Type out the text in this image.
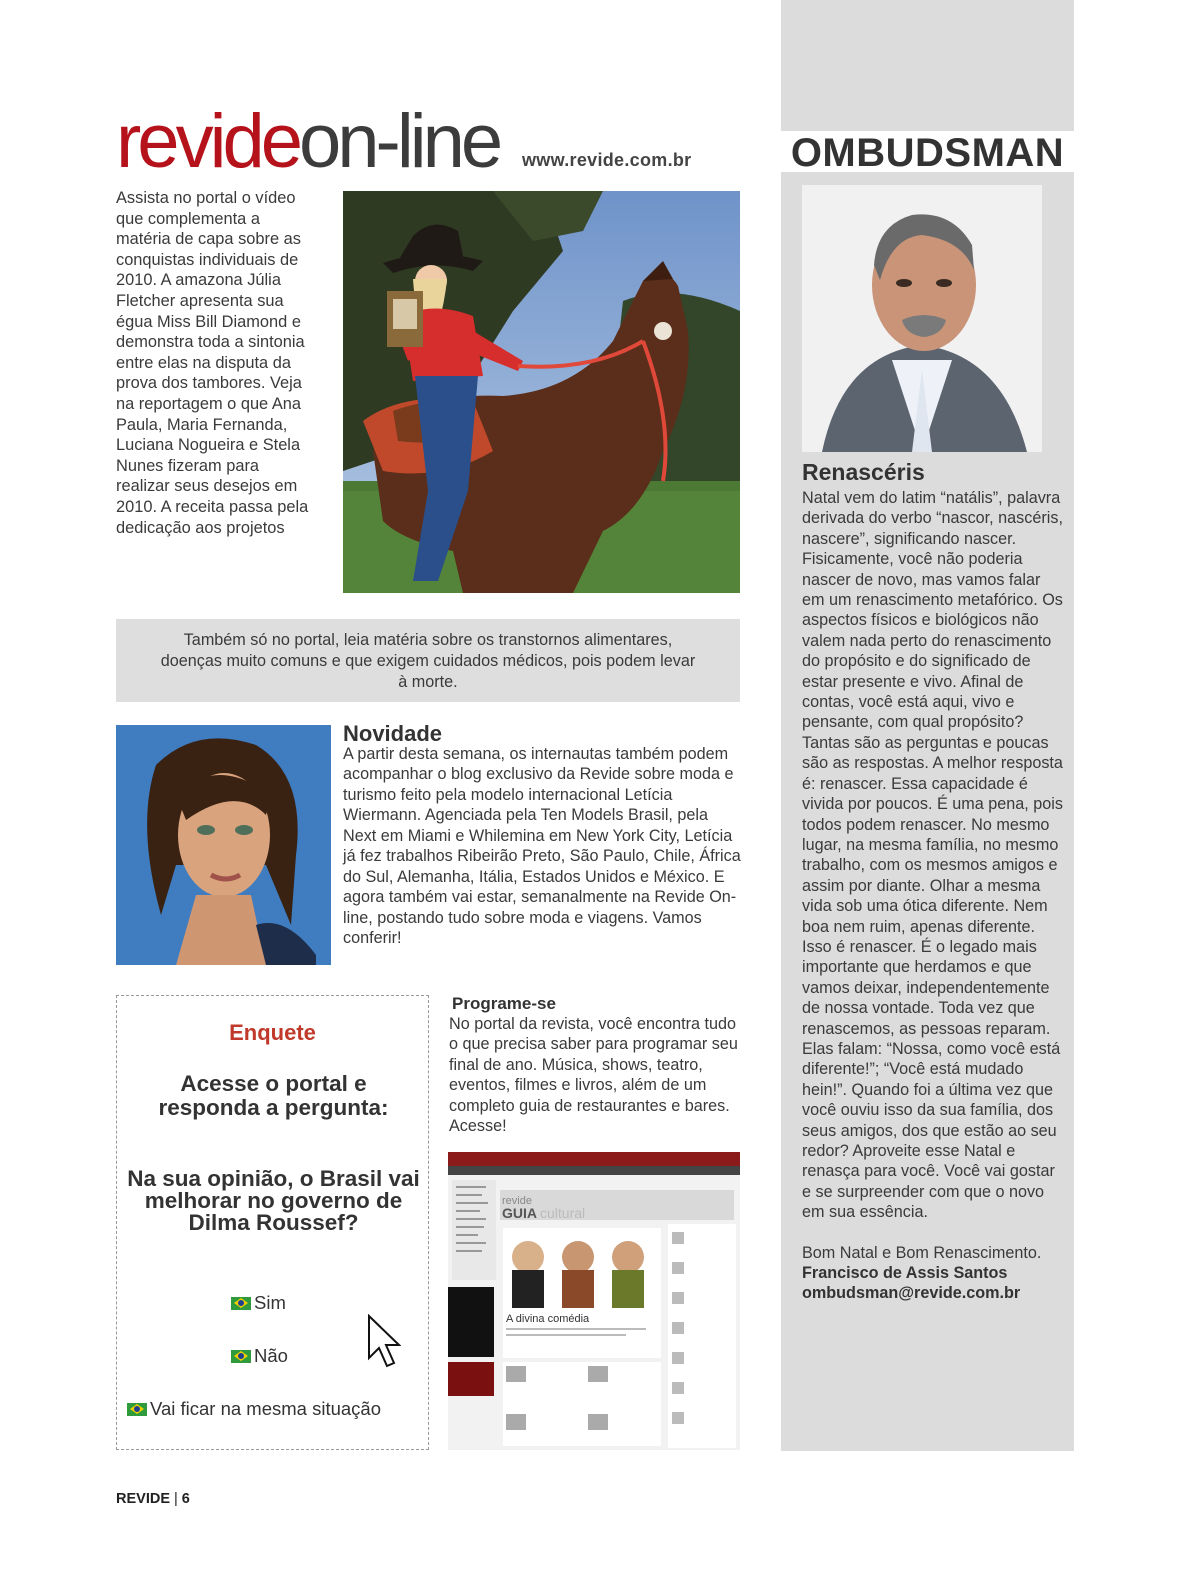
revideon-line www.revide.com.br

Assista no portal o vídeo que complementa a matéria de capa sobre as conquistas individuais de 2010. A amazona Júlia Fletcher apresenta sua égua Miss Bill Diamond e demonstra toda a sintonia entre elas na disputa da prova dos tambores. Veja na reportagem o que Ana Paula, Maria Fernanda, Luciana Nogueira e Stela Nunes fizeram para realizar seus desejos em 2010. A receita passa pela dedicação aos projetos

Também só no portal, leia matéria sobre os transtornos alimentares, doenças muito comuns e que exigem cuidados médicos, pois podem levar à morte.

Novidade

A partir desta semana, os internautas também podem acompanhar o blog exclusivo da Revide sobre moda e turismo feito pela modelo internacional Letícia Wiermann. Agenciada pela Ten Models Brasil, pela Next em Miami e Whilemina em New York City, Letícia já fez trabalhos Ribeirão Preto, São Paulo, Chile, África do Sul, Alemanha, Itália, Estados Unidos e México. E agora também vai estar, semanalmente na Revide On-line, postando tudo sobre moda e viagens. Vamos conferir!

Enquete
Acesse o portal e responda a pergunta:
Na sua opinião, o Brasil vai melhorar no governo de Dilma Roussef?
Sim
Não
Vai ficar na mesma situação
Programe-se

No portal da revista, você encontra tudo o que precisa saber para programar seu final de ano. Música, shows, teatro, eventos, filmes e livros, além de um completo guia de restaurantes e bares. Acesse!

revide
GUIA cultural
A divina comédia
OMBUDSMAN
Renascéris

Natal vem do latim “natális”, palavra derivada do verbo “nascor, nascéris, nascere”, significando nascer. Fisicamente, você não poderia nascer de novo, mas vamos falar em um renascimento metafórico. Os aspectos físicos e biológicos não valem nada perto do renascimento do propósito e do significado de estar presente e vivo. Afinal de contas, você está aqui, vivo e pensante, com qual propósito? Tantas são as perguntas e poucas são as respostas. A melhor resposta é: renascer. Essa capacidade é vivida por poucos. É uma pena, pois todos podem renascer. No mesmo lugar, na mesma família, no mesmo trabalho, com os mesmos amigos e assim por diante. Olhar a mesma vida sob uma ótica diferente. Nem boa nem ruim, apenas diferente. Isso é renascer. É o legado mais importante que herdamos e que vamos deixar, independentemente de nossa vontade. Toda vez que renascemos, as pessoas reparam. Elas falam: “Nossa, como você está diferente!”; “Você está mudado hein!”. Quando foi a última vez que você ouviu isso da sua família, dos seus amigos, dos que estão ao seu redor? Aproveite esse Natal e renasça para você. Você vai gostar e se surpreender com que o novo em sua essência.

Bom Natal e Bom Renascimento.

Francisco de Assis Santos

ombudsman@revide.com.br

REVIDE | 6
